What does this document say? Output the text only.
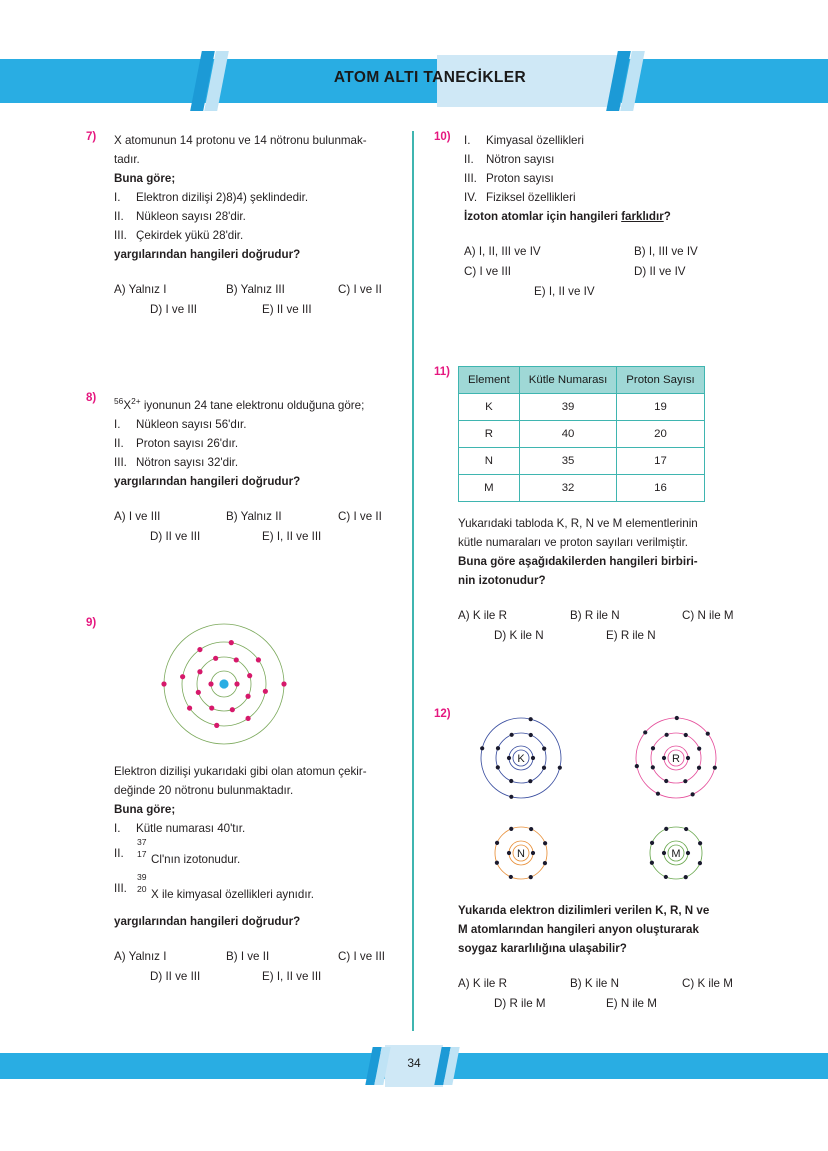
ATOM ALTI TANECİKLER
7)	X atomunun 14 protonu ve 14 nötronu bulunmak-
tadır.
Buna göre;
I.	Elektron dizilişi 2)8)4) şeklindedir.
II.	Nükleon sayısı 28'dir.
III. Çekirdek yükü 28'dir.
yargılarından hangileri doğrudur?
A) Yalnız I	B) Yalnız III	C) I ve II
D) I ve III	E) II ve III
8)	$^{56}X^{2+}$ iyonunun 24 tane elektronu olduğuna göre;
I.	Nükleon sayısı 56'dır.
II.	Proton sayısı 26'dır.
III. Nötron sayısı 32'dir.
yargılarından hangileri doğrudur?
A) I ve III	B) Yalnız II	C) I ve II
D) II ve III	E) I, II ve III
9)
Elektron dizilişi yukarıdaki gibi olan atomun çekir-
değinde 20 nötronu bulunmaktadır.
Buna göre;
I.	Kütle numarası 40'tır.
II.
37
17 Cl'nın izotonudur.
III.
39
20 X ile kimyasal özellikleri aynıdır.
yargılarından hangileri doğrudur?
A) Yalnız I	B) I ve II	C) I ve III
D) II ve III	E) I, II ve III
10)	I.	Kimyasal özellikleri
II.	Nötron sayısı
III. Proton sayısı
IV. Fiziksel özellikleri
İzoton atomlar için hangileri farklıdır?
A) I, II, III ve IV	B) I, III ve IV
C) I ve III	D) II ve IV
E) I, II ve IV
11)
Element	Kütle Numarası	Proton Sayısı
K	39	19
R	40	20
N	35	17
M	32	16
Yukarıdaki tabloda K, R, N ve M elementlerinin
kütle numaraları ve proton sayıları verilmiştir.
Buna göre aşağıdakilerden hangileri birbiri-
nin izotonudur?
A) K ile R	B) R ile N	C) N ile M
D) K ile N	E) R ile N
12)
K	R
N	M
Yukarıda elektron dizilimleri verilen K, R, N ve
M atomlarından hangileri anyon oluşturarak
soygaz kararlılığına ulaşabilir?
A) K ile R	B) K ile N	C) K ile M
D) R ile M	E) N ile M
34
